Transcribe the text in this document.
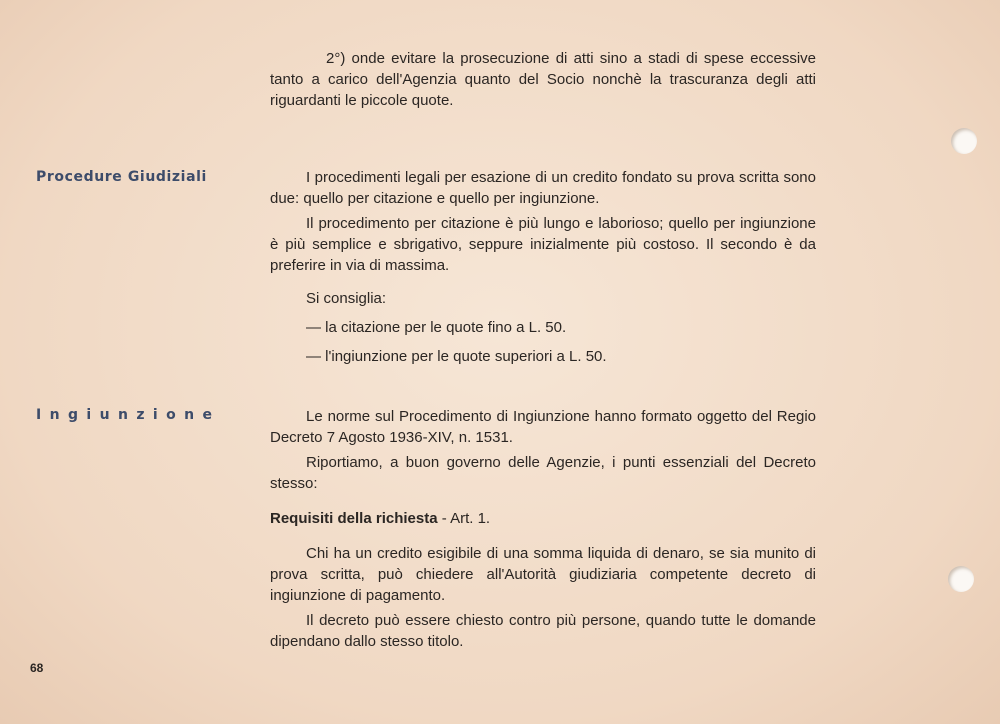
2°) onde evitare la prosecuzione di atti sino a stadi di spese eccessive tanto a carico dell'Agenzia quanto del Socio nonchè la trascuranza degli atti riguardanti le piccole quote.

Procedure Giudiziali	I procedimenti legali per esazione di un credito fondato su prova scritta sono due: quello per citazione e quello per ingiunzione.

Il procedimento per citazione è più lungo e laborioso; quello per ingiunzione è più semplice e sbrigativo, seppure inizialmente più costoso. Il secondo è da preferire in via di massima.

Si consiglia:

— la citazione per le quote fino a L. 50.

— l'ingiunzione per le quote superiori a L. 50.

Ingiunzione	Le norme sul Procedimento di Ingiunzione hanno formato oggetto del Regio Decreto 7 Agosto 1936-XIV, n. 1531.

Riportiamo, a buon governo delle Agenzie, i punti essenziali del Decreto stesso:

Requisiti della richiesta - Art. 1.

Chi ha un credito esigibile di una somma liquida di denaro, se sia munito di prova scritta, può chiedere all'Autorità giudiziaria competente decreto di ingiunzione di pagamento.

Il decreto può essere chiesto contro più persone, quando tutte le domande dipendano dallo stesso titolo.

68
